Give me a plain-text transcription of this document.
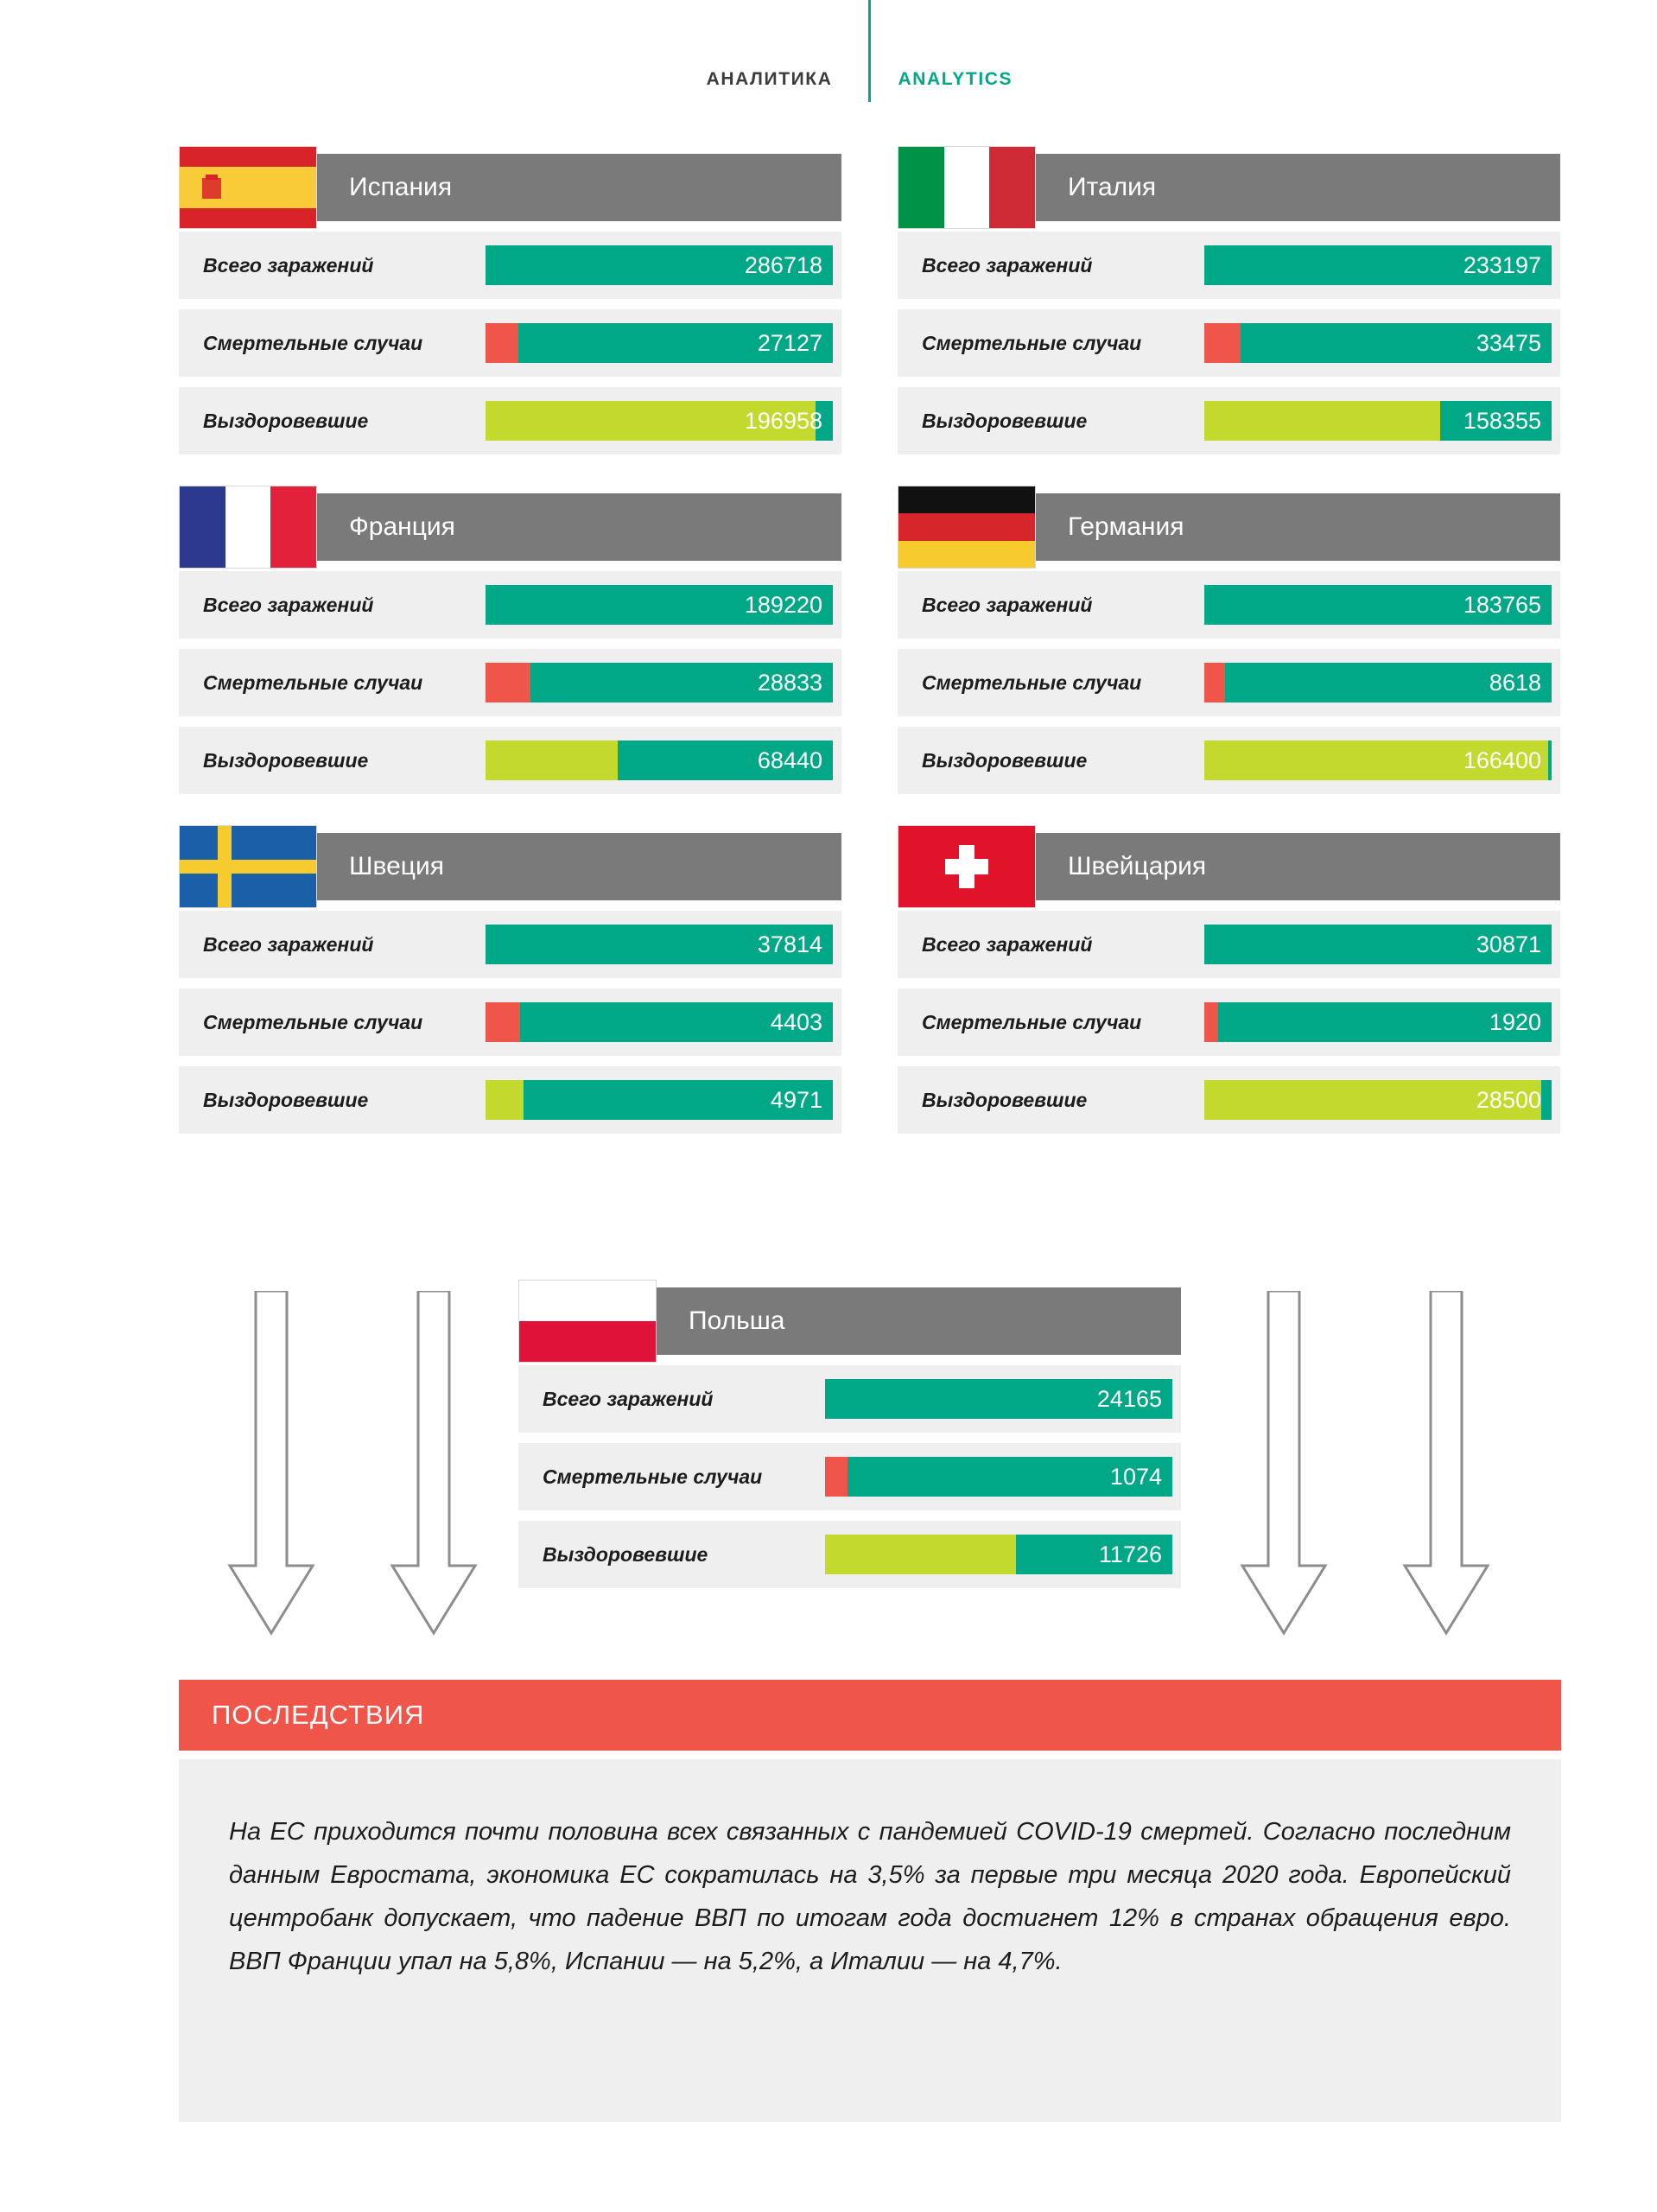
АНАЛИТИКА	ANALYTICS
Испания
Всего заражений	286718
Смертельные случаи	27127
Выздоровевшие	196958
Италия
Всего заражений	233197
Смертельные случаи	33475
Выздоровевшие	158355
Франция
Всего заражений	189220
Смертельные случаи	28833
Выздоровевшие	68440
Германия
Всего заражений	183765
Смертельные случаи	8618
Выздоровевшие	166400
Швеция
Всего заражений	37814
Смертельные случаи	4403
Выздоровевшие	4971
Швейцария
Всего заражений	30871
Смертельные случаи	1920
Выздоровевшие	28500
Польша
Всего заражений	24165
Смертельные случаи	1074
Выздоровевшие	11726
ПОСЛЕДСТВИЯ
На ЕС приходится почти половина всех связанных с пандемией COVID-19 смертей. Согласно последним данным Евростата, экономика ЕС сократилась на 3,5% за первые три месяца 2020 года. Европейский центробанк допускает, что падение ВВП по итогам года достигнет 12% в странах обращения евро. ВВП Франции упал на 5,8%, Испании — на 5,2%, а Италии — на 4,7%.
